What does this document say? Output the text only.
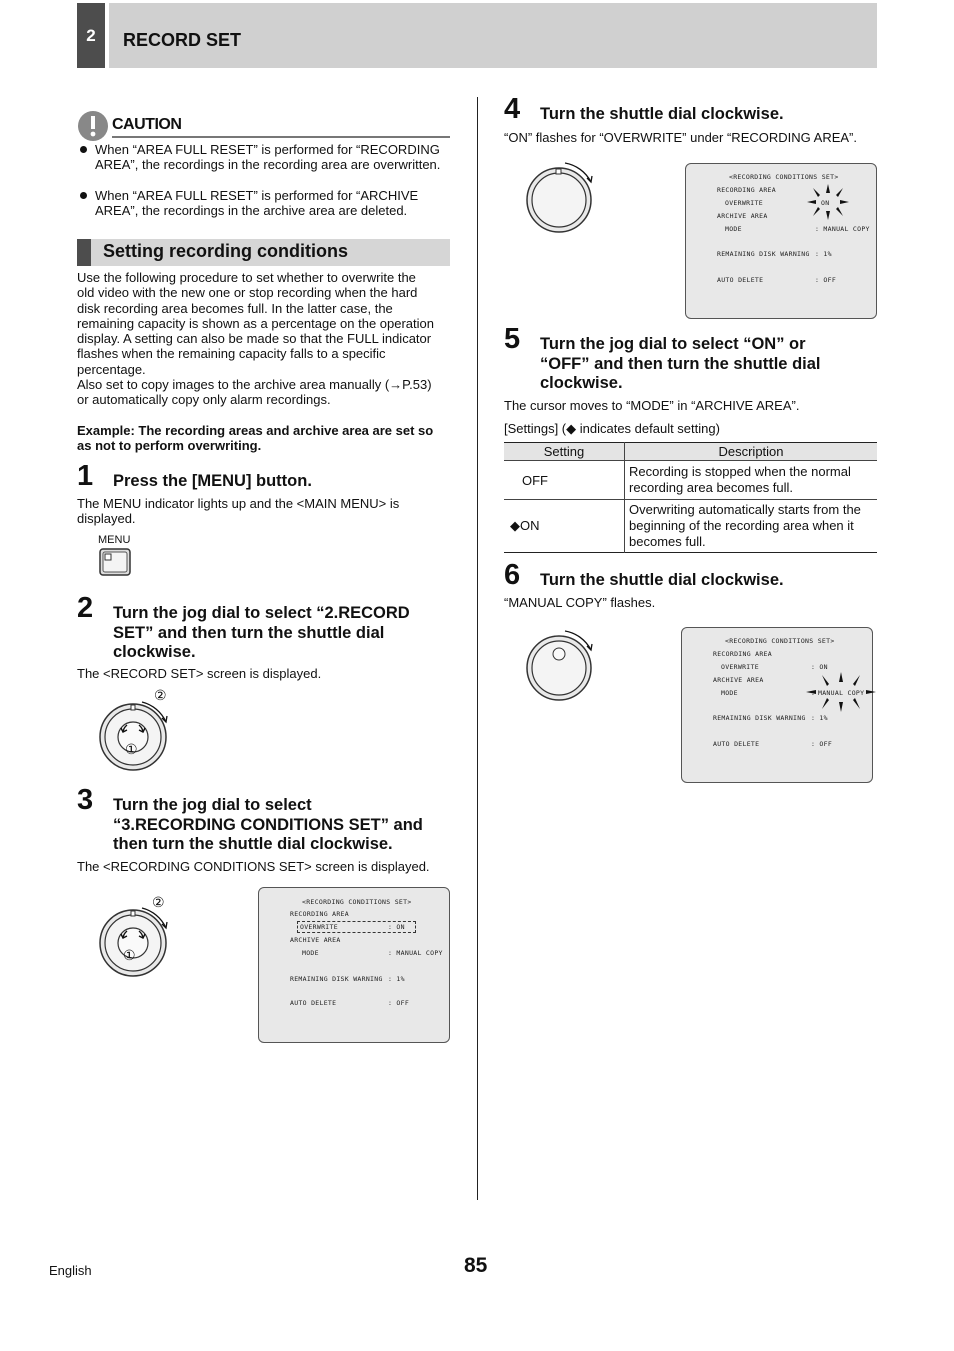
2	RECORD SET
CAUTION
When “AREA FULL RESET” is performed for “RECORDING AREA”, the recordings in the recording area are overwritten.
When “AREA FULL RESET” is performed for “ARCHIVE AREA”, the recordings in the archive area are deleted.
Setting recording conditions
Use the following procedure to set whether to overwrite the
old video with the new one or stop recording when the hard
disk recording area becomes full. In the latter case, the
remaining capacity is shown as a percentage on the operation
display. A setting can also be made so that the FULL indicator
flashes when the remaining capacity falls to a specific
percentage.
Also set to copy images to the archive area manually (→P.53)
or automatically copy only alarm recordings.
Example: The recording areas and archive area are set so
as not to perform overwriting.
1 Press the [MENU] button.
The MENU indicator lights up and the <MAIN MENU> is
displayed.
MENU
2 Turn the jog dial to select “2.RECORD
SET” and then turn the shuttle dial
clockwise.
The <RECORD SET> screen is displayed.
②
①
3 Turn the jog dial to select
“3.RECORDING CONDITIONS SET” and
then turn the shuttle dial clockwise.
The <RECORDING CONDITIONS SET> screen is displayed.
②
①
<RECORDING CONDITIONS SET>
RECORDING AREA
OVERWRITE	: ON
ARCHIVE AREA
MODE	: MANUAL COPY
REMAINING DISK WARNING : 1%
AUTO DELETE	: OFF
4 Turn the shuttle dial clockwise.
“ON” flashes for “OVERWRITE” under “RECORDING AREA”.
<RECORDING CONDITIONS SET>
RECORDING AREA
OVERWRITE	ON
ARCHIVE AREA
MODE	: MANUAL COPY
REMAINING DISK WARNING : 1%
AUTO DELETE	: OFF
5 Turn the jog dial to select “ON” or
“OFF” and then turn the shuttle dial
clockwise.
The cursor moves to “MODE” in “ARCHIVE AREA”.
[Settings] (◆ indicates default setting)
Setting	Description
OFF	Recording is stopped when the normal recording area becomes full.
◆ON	Overwriting automatically starts from the beginning of the recording area when it becomes full.
6 Turn the shuttle dial clockwise.
“MANUAL COPY” flashes.
<RECORDING CONDITIONS SET>
RECORDING AREA
OVERWRITE	: ON
ARCHIVE AREA
MODE	MANUAL COPY
REMAINING DISK WARNING : 1%
AUTO DELETE	: OFF
English	85
